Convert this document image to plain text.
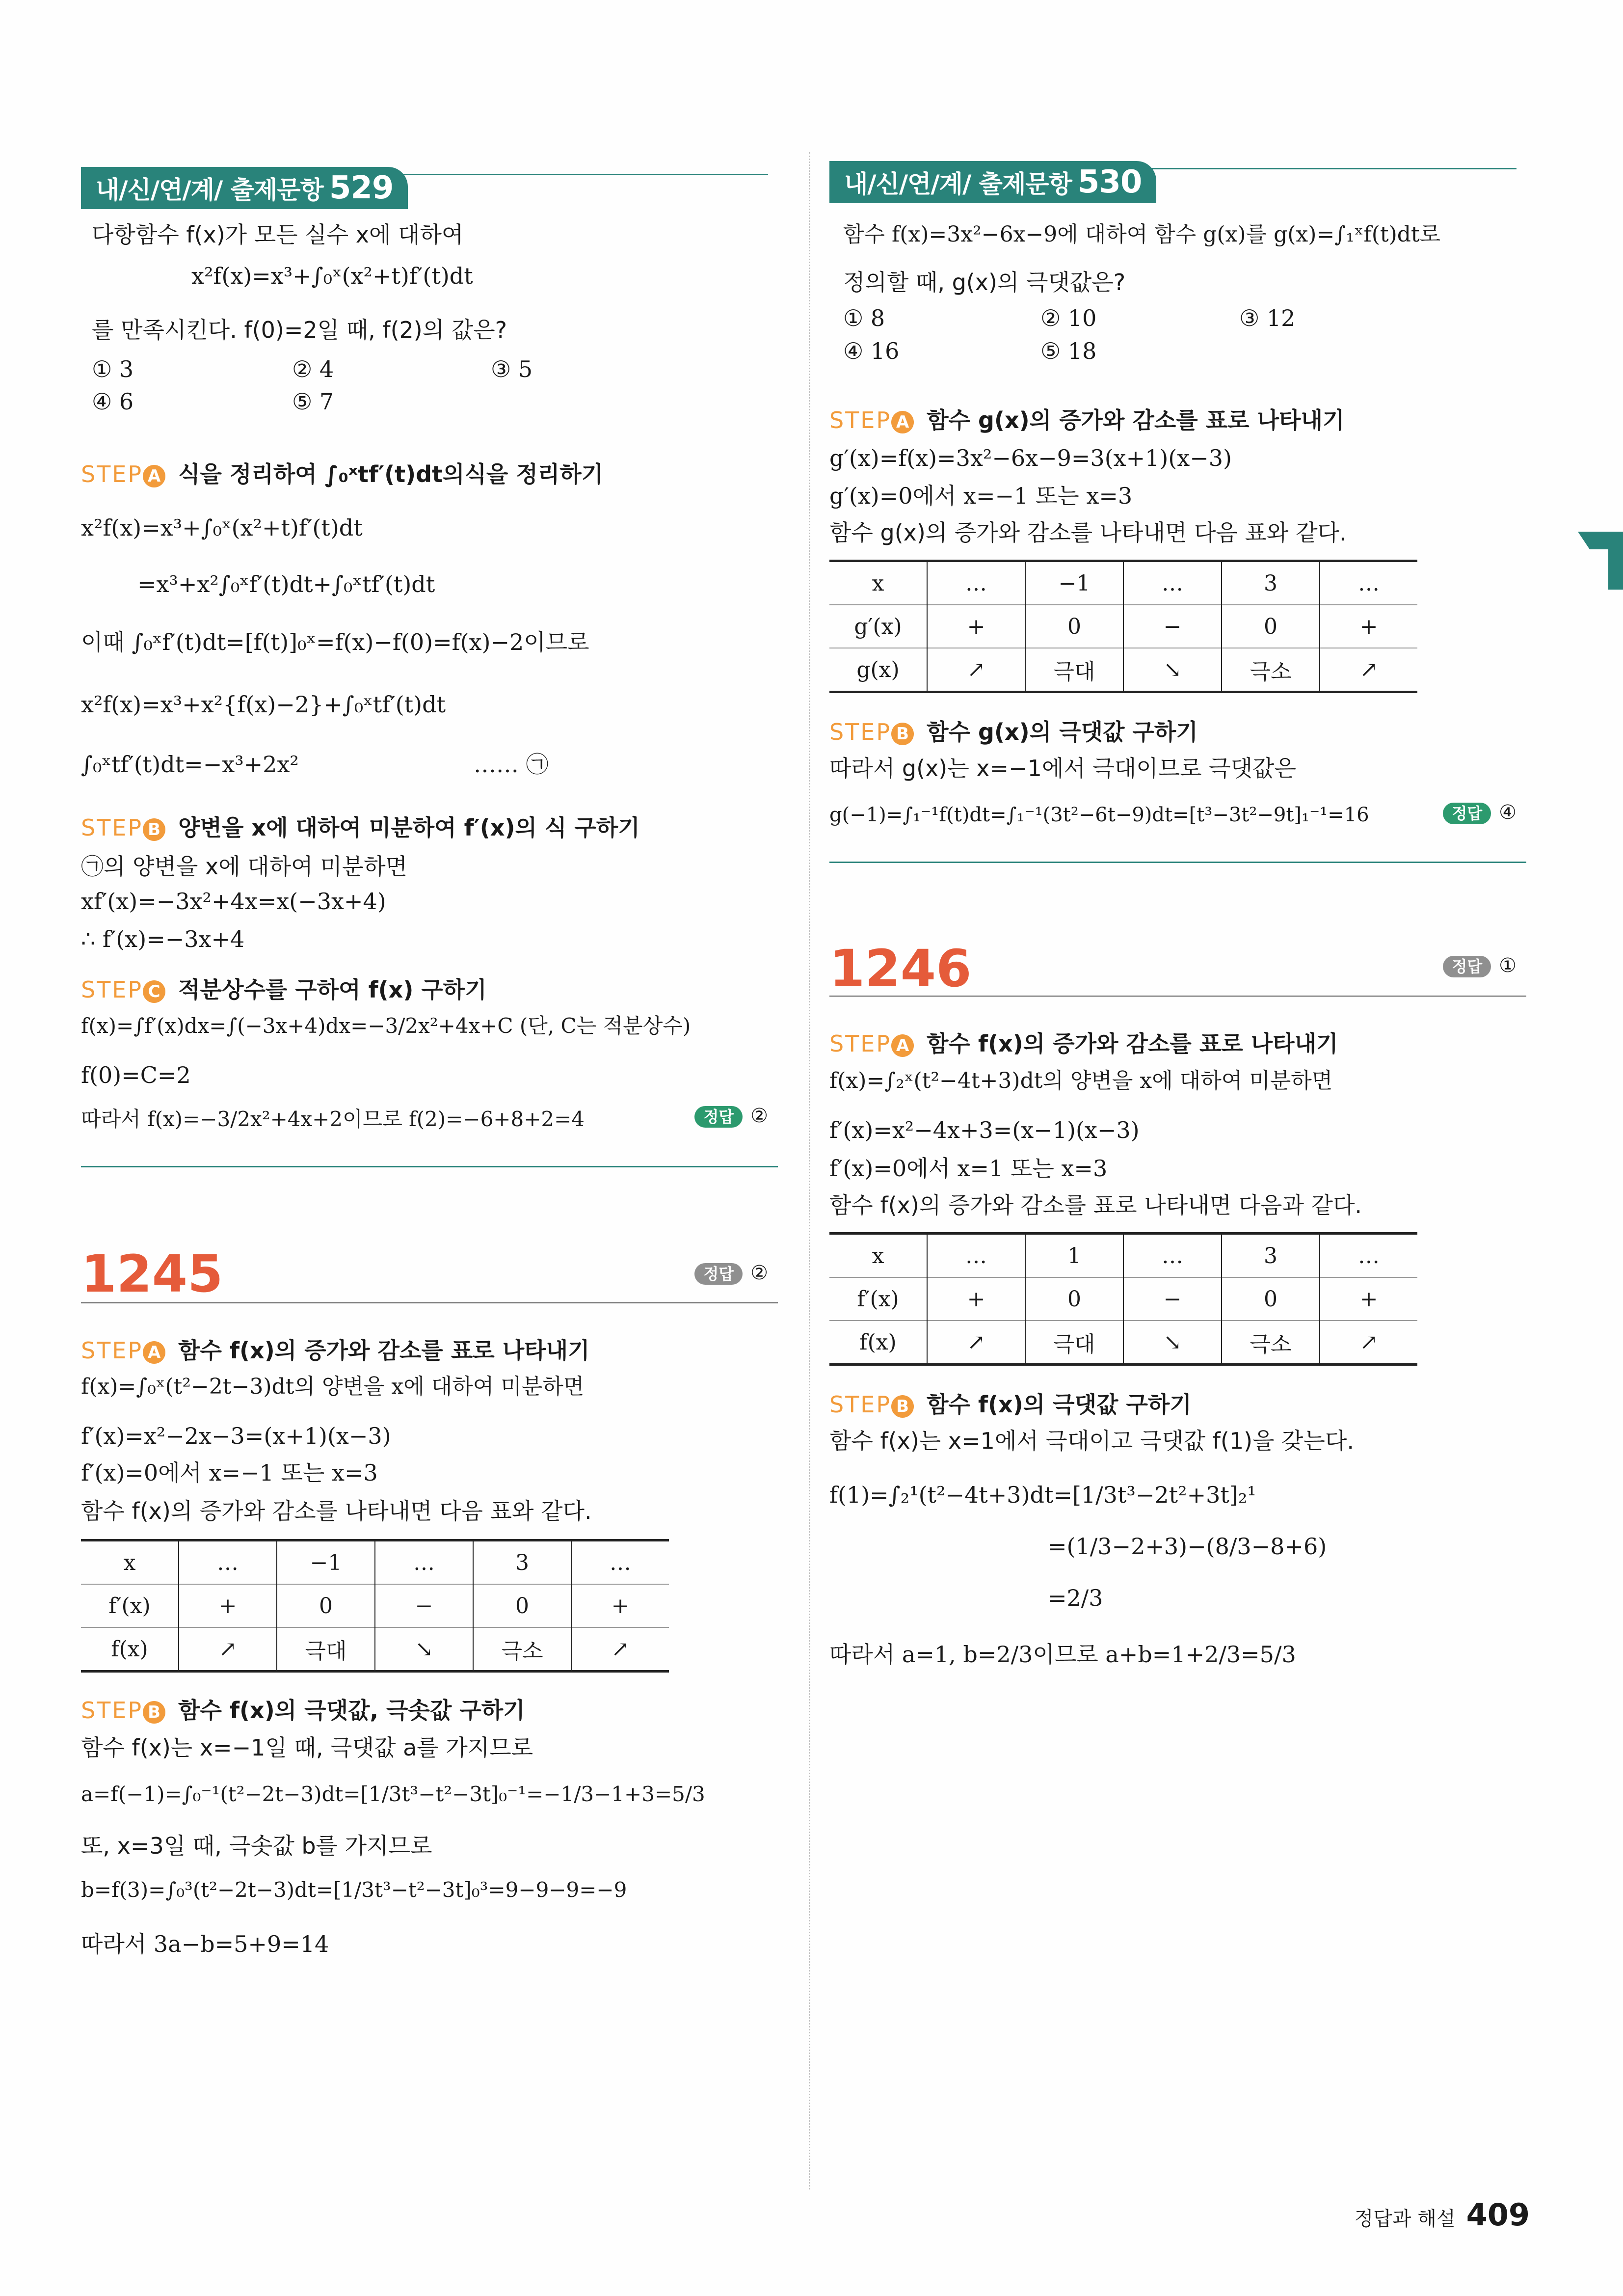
내/신/연/계/ 출제문항 529
다항함수 f(x)가 모든 실수 x에 대하여
x²f(x)=x³+∫₀ˣ(x²+t)f′(t)dt
를 만족시킨다. f(0)=2일 때, f(2)의 값은?
① 3	② 4	③ 5
④ 6	⑤ 7
STEP A 식을 정리하여 ∫₀ˣtf′(t)dt의식을 정리하기
x²f(x)=x³+∫₀ˣ(x²+t)f′(t)dt
=x³+x²∫₀ˣf′(t)dt+∫₀ˣtf′(t)dt
이때 ∫₀ˣf′(t)dt=[f(t)]₀ˣ=f(x)−f(0)=f(x)−2이므로
x²f(x)=x³+x²{f(x)−2}+∫₀ˣtf′(t)dt
∫₀ˣtf′(t)dt=−x³+2x²	…… ㉠
STEP B 양변을 x에 대하여 미분하여 f′(x)의 식 구하기
㉠의 양변을 x에 대하여 미분하면
xf′(x)=−3x²+4x=x(−3x+4)
∴ f′(x)=−3x+4
STEP C 적분상수를 구하여 f(x) 구하기
f(x)=∫f′(x)dx=∫(−3x+4)dx=−3/2x²+4x+C (단, C는 적분상수)
f(0)=C=2
따라서 f(x)=−3/2x²+4x+2이므로 f(2)=−6+8+2=4	정답 ②
1245	정답 ②
STEP A 함수 f(x)의 증가와 감소를 표로 나타내기
f(x)=∫₀ˣ(t²−2t−3)dt의 양변을 x에 대하여 미분하면
f′(x)=x²−2x−3=(x+1)(x−3)
f′(x)=0에서 x=−1 또는 x=3
함수 f(x)의 증가와 감소를 나타내면 다음 표와 같다.
x	…	−1	…	3	…
f′(x)	+	0	−	0	+
f(x)	↗	극대	↘	극소	↗
STEP B 함수 f(x)의 극댓값, 극솟값 구하기
함수 f(x)는 x=−1일 때, 극댓값 a를 가지므로
a=f(−1)=∫₀⁻¹(t²−2t−3)dt=[1/3t³−t²−3t]₀⁻¹=−1/3−1+3=5/3
또, x=3일 때, 극솟값 b를 가지므로
b=f(3)=∫₀³(t²−2t−3)dt=[1/3t³−t²−3t]₀³=9−9−9=−9
따라서 3a−b=5+9=14
내/신/연/계/ 출제문항 530
함수 f(x)=3x²−6x−9에 대하여 함수 g(x)를 g(x)=∫₁ˣf(t)dt로
정의할 때, g(x)의 극댓값은?
① 8	② 10	③ 12
④ 16	⑤ 18
STEP A 함수 g(x)의 증가와 감소를 표로 나타내기
g′(x)=f(x)=3x²−6x−9=3(x+1)(x−3)
g′(x)=0에서 x=−1 또는 x=3
함수 g(x)의 증가와 감소를 나타내면 다음 표와 같다.
x	…	−1	…	3	…
g′(x)	+	0	−	0	+
g(x)	↗	극대	↘	극소	↗
STEP B 함수 g(x)의 극댓값 구하기
따라서 g(x)는 x=−1에서 극대이므로 극댓값은
g(−1)=∫₁⁻¹f(t)dt=∫₁⁻¹(3t²−6t−9)dt=[t³−3t²−9t]₁⁻¹=16	정답 ④
1246	정답 ①
STEP A 함수 f(x)의 증가와 감소를 표로 나타내기
f(x)=∫₂ˣ(t²−4t+3)dt의 양변을 x에 대하여 미분하면
f′(x)=x²−4x+3=(x−1)(x−3)
f′(x)=0에서 x=1 또는 x=3
함수 f(x)의 증가와 감소를 표로 나타내면 다음과 같다.
x	…	1	…	3	…
f′(x)	+	0	−	0	+
f(x)	↗	극대	↘	극소	↗
STEP B 함수 f(x)의 극댓값 구하기
함수 f(x)는 x=1에서 극대이고 극댓값 f(1)을 갖는다.
f(1)=∫₂¹(t²−4t+3)dt=[1/3t³−2t²+3t]₂¹
=(1/3−2+3)−(8/3−8+6)
=2/3
따라서 a=1, b=2/3이므로 a+b=1+2/3=5/3
정답과 해설 409
